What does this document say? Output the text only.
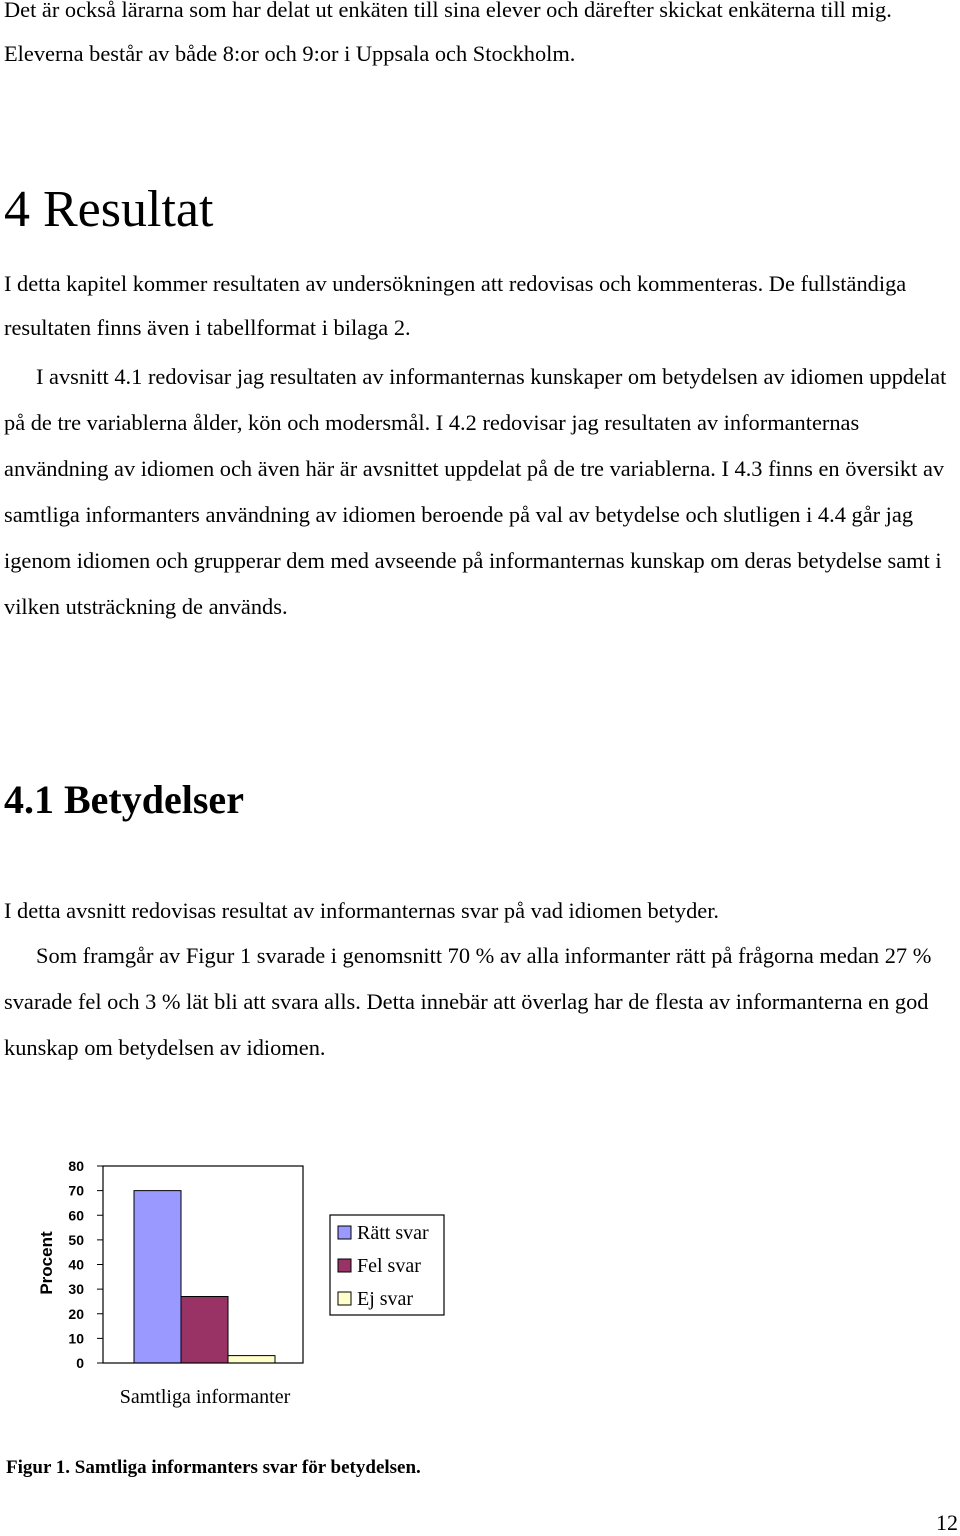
Det är också lärarna som har delat ut enkäten till sina elever och därefter skickat enkäterna till mig. Eleverna består av både 8:or och 9:or i Uppsala och Stockholm.

4 Resultat

I detta kapitel kommer resultaten av undersökningen att redovisas och kommenteras. De fullständiga resultaten finns även i tabellformat i bilaga 2.

I avsnitt 4.1 redovisar jag resultaten av informanternas kunskaper om betydelsen av idiomen uppdelat på de tre variablerna ålder, kön och modersmål. I 4.2 redovisar jag resultaten av informanternas användning av idiomen och även här är avsnittet uppdelat på de tre variablerna. I 4.3 finns en översikt av samtliga informanters användning av idiomen beroende på val av betydelse och slutligen i 4.4 går jag igenom idiomen och grupperar dem med avseende på informanternas kunskap om deras betydelse samt i vilken utsträckning de används.

4.1 Betydelser

I detta avsnitt redovisas resultat av informanternas svar på vad idiomen betyder.

Som framgår av Figur 1 svarade i genomsnitt 70 % av alla informanter rätt på frågorna medan 27 % svarade fel och 3 % lät bli att svara alls. Detta innebär att överlag har de flesta av informanterna en god kunskap om betydelsen av idiomen.

0
10
20
30
40
50
60
70
80
Procent
Samtliga informanter
Rätt svar
Fel svar
Ej svar

Figur 1. Samtliga informanters svar för betydelsen.

12
